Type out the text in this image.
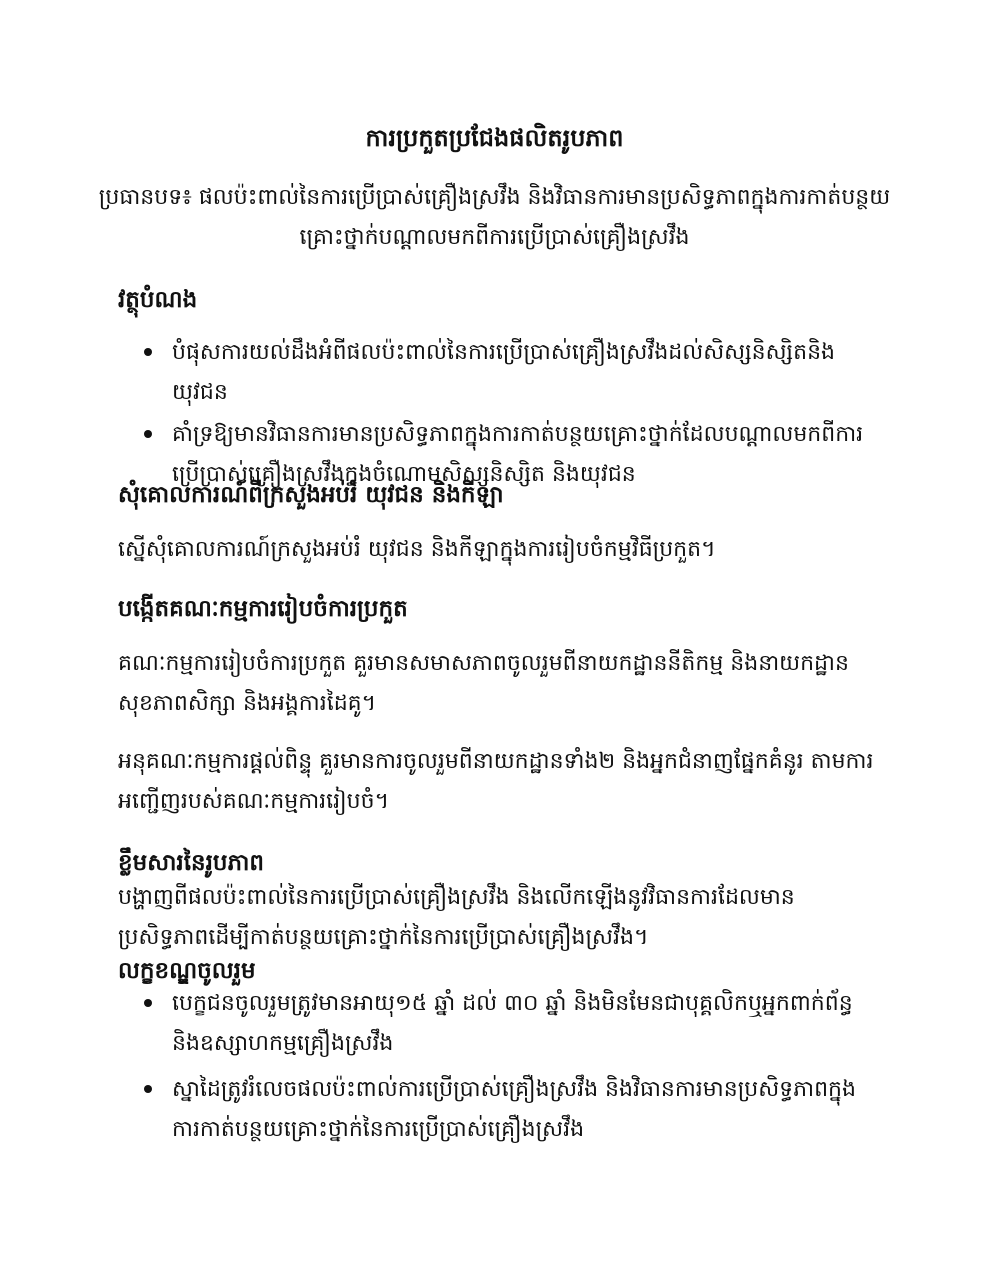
ការប្រកួតប្រជែងផលិតរូបភាព
ប្រធានបទ៖ ផលប៉ះពាល់នៃការប្រើប្រាស់គ្រឿងស្រវឹង និងវិធានការមានប្រសិទ្ធភាពក្នុងការកាត់បន្ថយ
គ្រោះថ្នាក់បណ្តាលមកពីការប្រើប្រាស់គ្រឿងស្រវឹង
វត្ថុបំណង
បំផុសការយល់ដឹងអំពីផលប៉ះពាល់នៃការប្រើប្រាស់គ្រឿងស្រវឹងដល់សិស្សនិស្សិតនិងយុវជន
គាំទ្រឱ្យមានវិធានការមានប្រសិទ្ធភាពក្នុងការកាត់បន្ថយគ្រោះថ្នាក់ដែលបណ្តាលមកពីការប្រើប្រាស់គ្រឿងស្រវឹងក្នុងចំណោមសិស្សនិស្សិត និងយុវជន
សុំគោលការណ៍ពីក្រសួងអប់រំ យុវជន និងកីឡា
ស្នើសុំគោលការណ៍ក្រសួងអប់រំ យុវជន និងកីឡាក្នុងការរៀបចំកម្មវិធីប្រកួត។
បង្កើតគណៈកម្មការរៀបចំការប្រកួត
គណៈកម្មការរៀបចំការប្រកួត គួរមានសមាសភាពចូលរួមពីនាយកដ្ឋាននីតិកម្ម និងនាយកដ្ឋានសុខភាពសិក្សា និងអង្គការដៃគូ។
អនុគណៈកម្មការផ្តល់ពិន្ទុ គួរមានការចូលរួមពីនាយកដ្ឋានទាំង២ និងអ្នកជំនាញផ្នែកគំនូរ តាមការអញ្ជើញរបស់គណៈកម្មការរៀបចំ។
ខ្លឹមសារនៃរូបភាព
បង្ហាញពីផលប៉ះពាល់នៃការប្រើប្រាស់គ្រឿងស្រវឹង និងលើកឡើងនូវវិធានការដែលមានប្រសិទ្ធភាពដើម្បីកាត់បន្ថយគ្រោះថ្នាក់នៃការប្រើប្រាស់គ្រឿងស្រវឹង។
លក្ខខណ្ឌចូលរួម
បេក្ខជនចូលរួមត្រូវមានអាយុ១៥ ឆ្នាំ ដល់ ៣០ ឆ្នាំ និងមិនមែនជាបុគ្គលិកឬអ្នកពាក់ព័ន្ធនិងឧស្សាហកម្មគ្រឿងស្រវឹង
ស្នាដៃត្រូវរំលេចផលប៉ះពាល់ការប្រើប្រាស់គ្រឿងស្រវឹង និងវិធានការមានប្រសិទ្ធភាពក្នុងការកាត់បន្ថយគ្រោះថ្នាក់នៃការប្រើប្រាស់គ្រឿងស្រវឹង
